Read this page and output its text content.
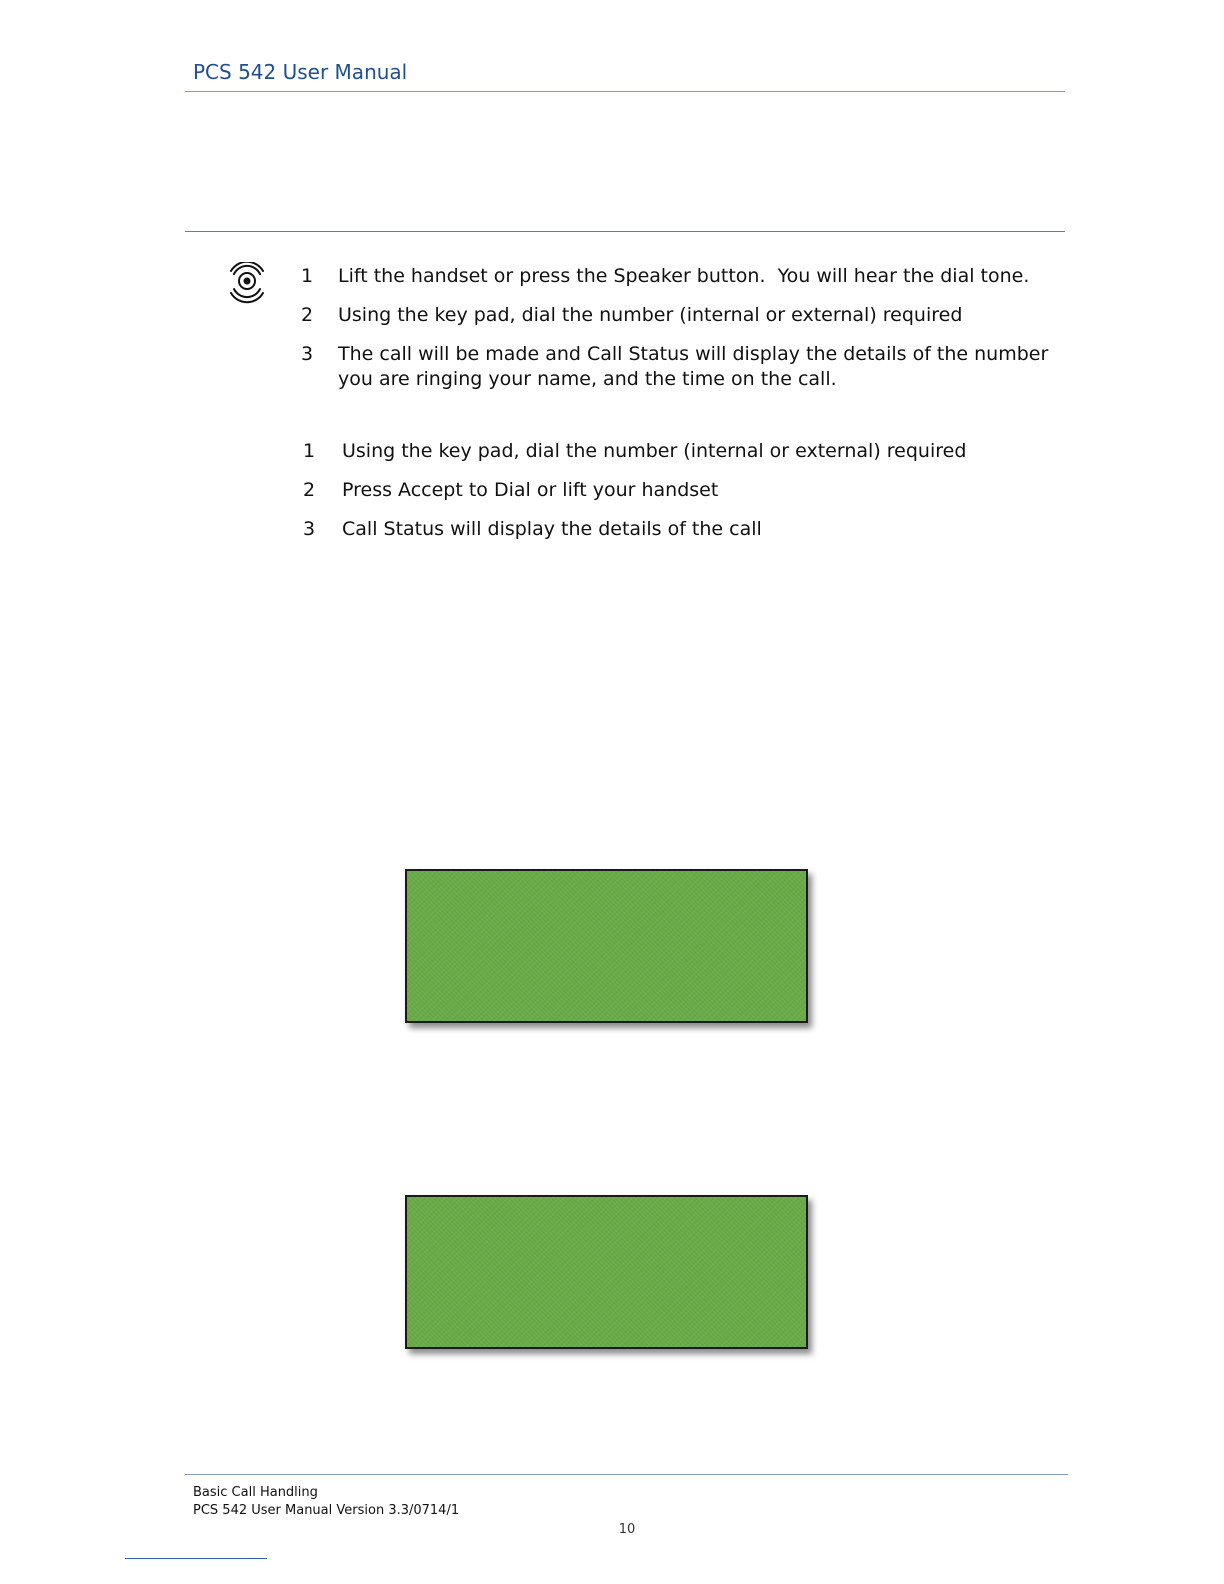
PCS 542 User Manual
1 Lift the handset or press the Speaker button.  You will hear the dial tone.
2 Using the key pad, dial the number (internal or external) required
3 The call will be made and Call Status will display the details of the number you are ringing your name, and the time on the call.
1 Using the key pad, dial the number (internal or external) required
2 Press Accept to Dial or lift your handset
3 Call Status will display the details of the call
Basic Call Handling
PCS 542 User Manual Version 3.3/0714/1
10
